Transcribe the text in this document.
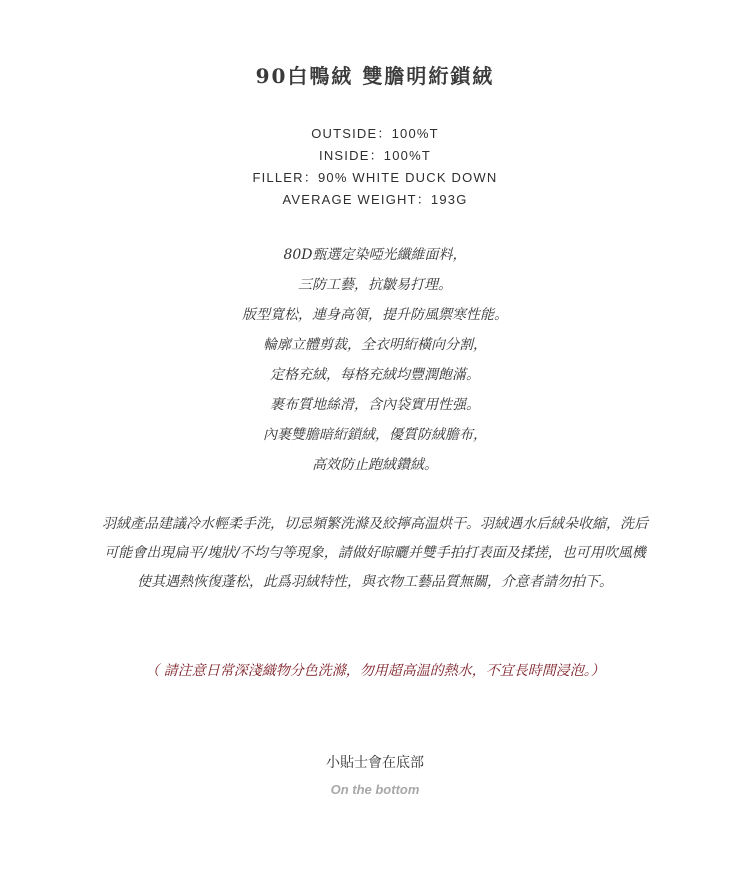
90白鴨絨 雙膽明絎鎖絨
OUTSIDE：100%T
INSIDE：100%T
FILLER：90% WHITE DUCK DOWN
AVERAGE WEIGHT：193G
80D甄選定染啞光纖維面料，
三防工藝，抗皺易打理。
版型寬松，連身高領，提升防風禦寒性能。
輪廓立體剪裁，全衣明絎橫向分割，
定格充絨，每格充絨均豐潤飽滿。
裹布質地絲滑，含內袋實用性强。
內裹雙膽暗絎鎖絨，優質防絨膽布，
高效防止跑絨鑽絨。
羽絨產品建議冷水輕柔手洗，切忌頻繁洗滌及絞擰高温烘干。羽絨遇水后絨朵收縮，洗后
可能會出現扁平/塊狀/不均勻等現象，請做好晾曬并雙手拍打表面及揉搓，也可用吹風機
使其遇熱恢復蓬松，此爲羽絨特性，與衣物工藝品質無關，介意者請勿拍下。
（ 請注意日常深淺織物分色洗滌，勿用超高温的熱水，不宜長時間浸泡。）
小貼士會在底部
On the bottom
